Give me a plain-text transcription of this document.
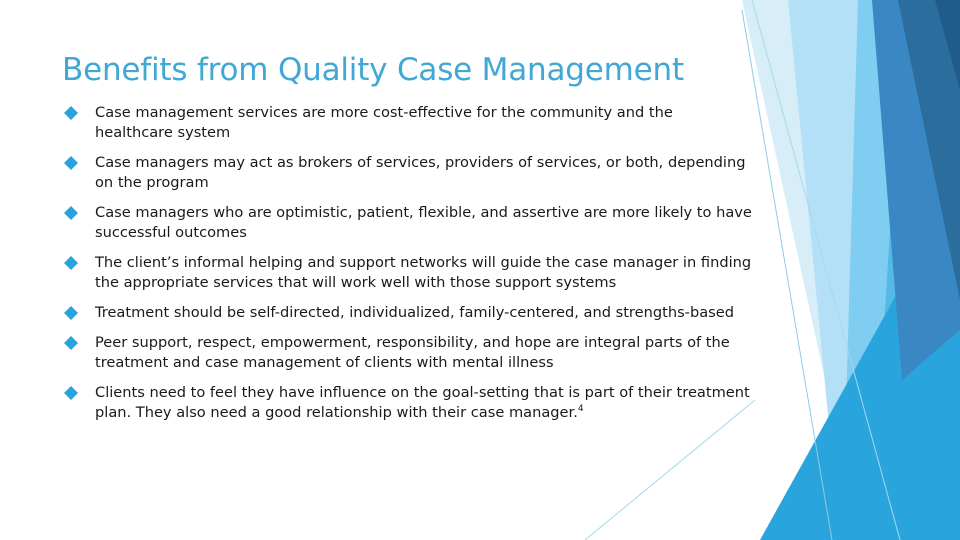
Benefits from Quality Case Management
Case management services are more cost-effective for the community and the healthcare system
Case managers may act as brokers of services, providers of services, or both, depending on the program
Case managers who are optimistic, patient, flexible, and assertive are more likely to have successful outcomes
The client’s informal helping and support networks will guide the case manager in finding the appropriate services that will work well with those support systems
Treatment should be self-directed, individualized, family-centered, and strengths-based
Peer support, respect, empowerment, responsibility, and hope are integral parts of the treatment and case management of clients with mental illness
Clients need to feel they have influence on the goal-setting that is part of their treatment plan. They also need a good relationship with their case manager.$^4$
